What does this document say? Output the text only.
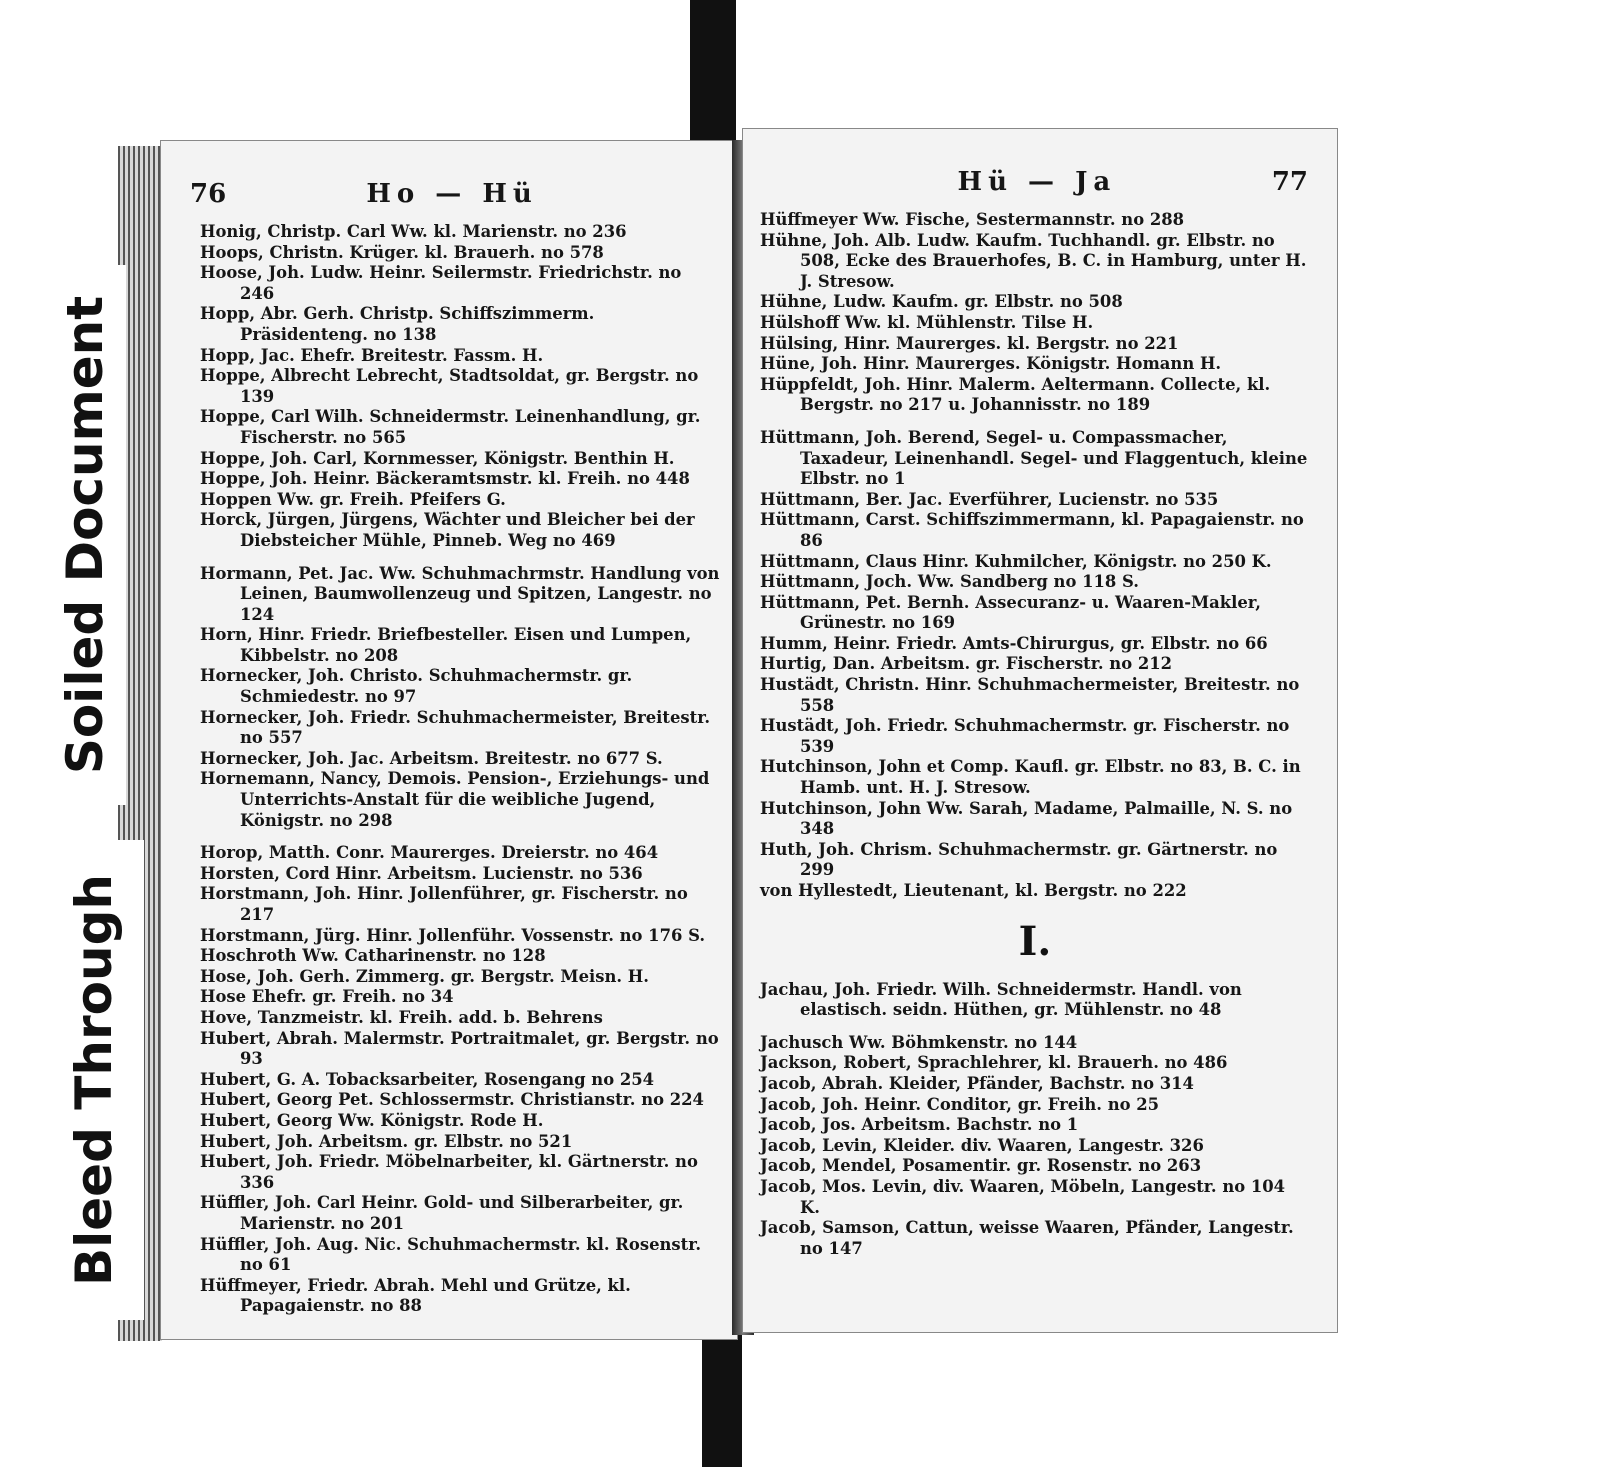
Soiled Document
Bleed Through
76	Ho — Hü

Honig, Christp. Carl Ww. kl. Marienstr. no 236

Hoops, Christn. Krüger. kl. Brauerh. no 578

Hoose, Joh. Ludw. Heinr. Seilermstr. Friedrichstr. no 246

Hopp, Abr. Gerh. Christp. Schiffszimmerm. Präsidenteng. no 138

Hopp, Jac. Ehefr. Breitestr. Fassm. H.

Hoppe, Albrecht Lebrecht, Stadtsoldat, gr. Bergstr. no 139

Hoppe, Carl Wilh. Schneidermstr. Leinenhandlung, gr. Fischerstr. no 565

Hoppe, Joh. Carl, Kornmesser, Königstr. Benthin H.

Hoppe, Joh. Heinr. Bäckeramtsmstr. kl. Freih. no 448

Hoppen Ww. gr. Freih. Pfeifers G.

Horck, Jürgen, Jürgens, Wächter und Bleicher bei der Diebsteicher Mühle, Pinneb. Weg no 469

Hormann, Pet. Jac. Ww. Schuhmachrmstr. Handlung von Leinen, Baumwollenzeug und Spitzen, Langestr. no 124

Horn, Hinr. Friedr. Briefbesteller. Eisen und Lumpen, Kibbelstr. no 208

Hornecker, Joh. Christo. Schuhmachermstr. gr. Schmiedestr. no 97

Hornecker, Joh. Friedr. Schuhmachermeister, Breitestr. no 557

Hornecker, Joh. Jac. Arbeitsm. Breitestr. no 677 S.

Hornemann, Nancy, Demois. Pension-, Erziehungs- und Unterrichts-Anstalt für die weibliche Jugend, Königstr. no 298

Horop, Matth. Conr. Maurerges. Dreierstr. no 464

Horsten, Cord Hinr. Arbeitsm. Lucienstr. no 536

Horstmann, Joh. Hinr. Jollenführer, gr. Fischerstr. no 217

Horstmann, Jürg. Hinr. Jollenführ. Vossenstr. no 176 S.

Hoschroth Ww. Catharinenstr. no 128

Hose, Joh. Gerh. Zimmerg. gr. Bergstr. Meisn. H.

Hose Ehefr. gr. Freih. no 34

Hove, Tanzmeistr. kl. Freih. add. b. Behrens

Hubert, Abrah. Malermstr. Portraitmalet, gr. Bergstr. no 93

Hubert, G. A. Tobacksarbeiter, Rosengang no 254

Hubert, Georg Pet. Schlossermstr. Christianstr. no 224

Hubert, Georg Ww. Königstr. Rode H.

Hubert, Joh. Arbeitsm. gr. Elbstr. no 521

Hubert, Joh. Friedr. Möbelnarbeiter, kl. Gärtnerstr. no 336

Hüffler, Joh. Carl Heinr. Gold- und Silberarbeiter, gr. Marienstr. no 201

Hüffler, Joh. Aug. Nic. Schuhmachermstr. kl. Rosenstr. no 61

Hüffmeyer, Friedr. Abrah. Mehl und Grütze, kl. Papagaienstr. no 88

Hü — Ja	77

Hüffmeyer Ww. Fische, Sestermannstr. no 288

Hühne, Joh. Alb. Ludw. Kaufm. Tuchhandl. gr. Elbstr. no 508, Ecke des Brauerhofes, B. C. in Hamburg, unter H. J. Stresow.

Hühne, Ludw. Kaufm. gr. Elbstr. no 508

Hülshoff Ww. kl. Mühlenstr. Tilse H.

Hülsing, Hinr. Maurerges. kl. Bergstr. no 221

Hüne, Joh. Hinr. Maurerges. Königstr. Homann H.

Hüppfeldt, Joh. Hinr. Malerm. Aeltermann. Collecte, kl. Bergstr. no 217 u. Johannisstr. no 189

Hüttmann, Joh. Berend, Segel- u. Compassmacher, Taxadeur, Leinenhandl. Segel- und Flaggentuch, kleine Elbstr. no 1

Hüttmann, Ber. Jac. Everführer, Lucienstr. no 535

Hüttmann, Carst. Schiffszimmermann, kl. Papagaienstr. no 86

Hüttmann, Claus Hinr. Kuhmilcher, Königstr. no 250 K.

Hüttmann, Joch. Ww. Sandberg no 118 S.

Hüttmann, Pet. Bernh. Assecuranz- u. Waaren-Makler, Grünestr. no 169

Humm, Heinr. Friedr. Amts-Chirurgus, gr. Elbstr. no 66

Hurtig, Dan. Arbeitsm. gr. Fischerstr. no 212

Hustädt, Christn. Hinr. Schuhmachermeister, Breitestr. no 558

Hustädt, Joh. Friedr. Schuhmachermstr. gr. Fischerstr. no 539

Hutchinson, John et Comp. Kaufl. gr. Elbstr. no 83, B. C. in Hamb. unt. H. J. Stresow.

Hutchinson, John Ww. Sarah, Madame, Palmaille, N. S. no 348

Huth, Joh. Chrism. Schuhmachermstr. gr. Gärtnerstr. no 299

von Hyllestedt, Lieutenant, kl. Bergstr. no 222

I.

Jachau, Joh. Friedr. Wilh. Schneidermstr. Handl. von elastisch. seidn. Hüthen, gr. Mühlenstr. no 48

Jachusch Ww. Böhmkenstr. no 144

Jackson, Robert, Sprachlehrer, kl. Brauerh. no 486

Jacob, Abrah. Kleider, Pfänder, Bachstr. no 314

Jacob, Joh. Heinr. Conditor, gr. Freih. no 25

Jacob, Jos. Arbeitsm. Bachstr. no 1

Jacob, Levin, Kleider. div. Waaren, Langestr. 326

Jacob, Mendel, Posamentir. gr. Rosenstr. no 263

Jacob, Mos. Levin, div. Waaren, Möbeln, Langestr. no 104 K.

Jacob, Samson, Cattun, weisse Waaren, Pfänder, Langestr. no 147
